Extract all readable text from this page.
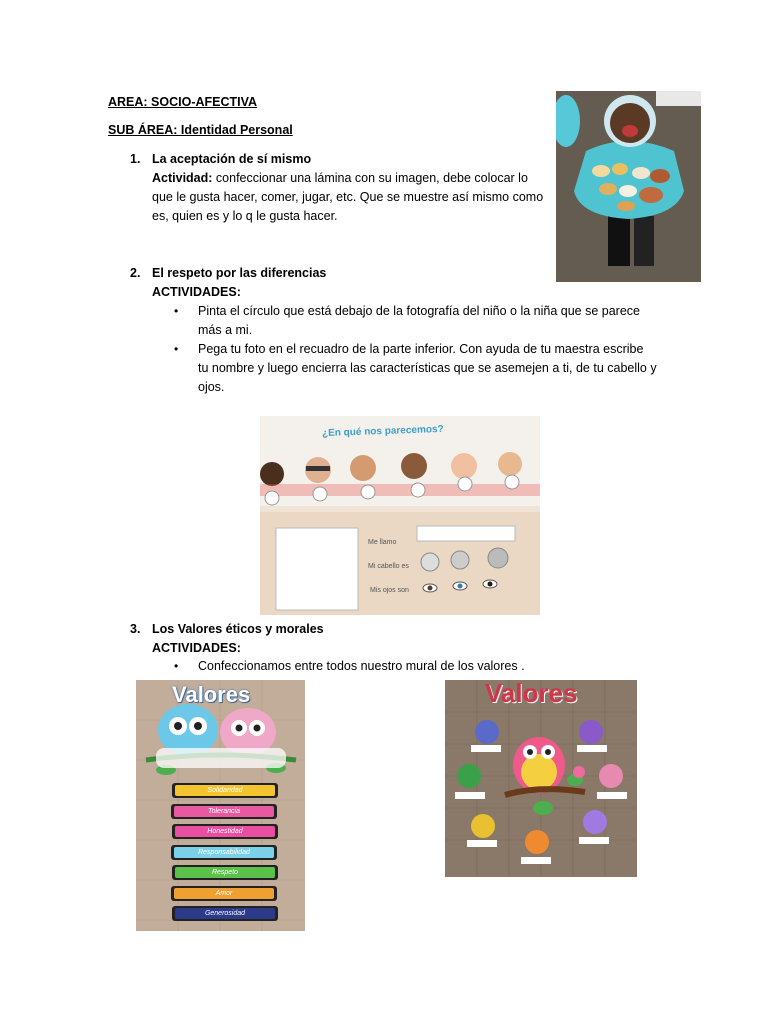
AREA: SOCIO-AFECTIVA
SUB ÁREA: Identidad Personal
1. La aceptación de sí mismo
Actividad: confeccionar una lámina con su imagen, debe colocar lo
que le gusta hacer, comer, jugar, etc. Que se muestre así mismo como
es, quien es y lo q le gusta hacer.
2. El respeto por las diferencias
ACTIVIDADES:
• Pinta el círculo que está debajo de la fotografía del niño o la niña que se parece
más a mi.
• Pega tu foto en el recuadro de la parte inferior. Con ayuda de tu maestra escribe
tu nombre y luego encierra las características que se asemejen a ti, de tu cabello y
ojos.
¿En qué nos parecemos?
Me llamo
Mi cabello es
Mis ojos son
3. Los Valores éticos y morales
ACTIVIDADES:
• Confeccionamos entre todos nuestro mural de los valores .
Valores
Solidaridad
Tolerancia
Honestidad
Responsabilidad
Respeto
Amor
Generosidad
Valores
